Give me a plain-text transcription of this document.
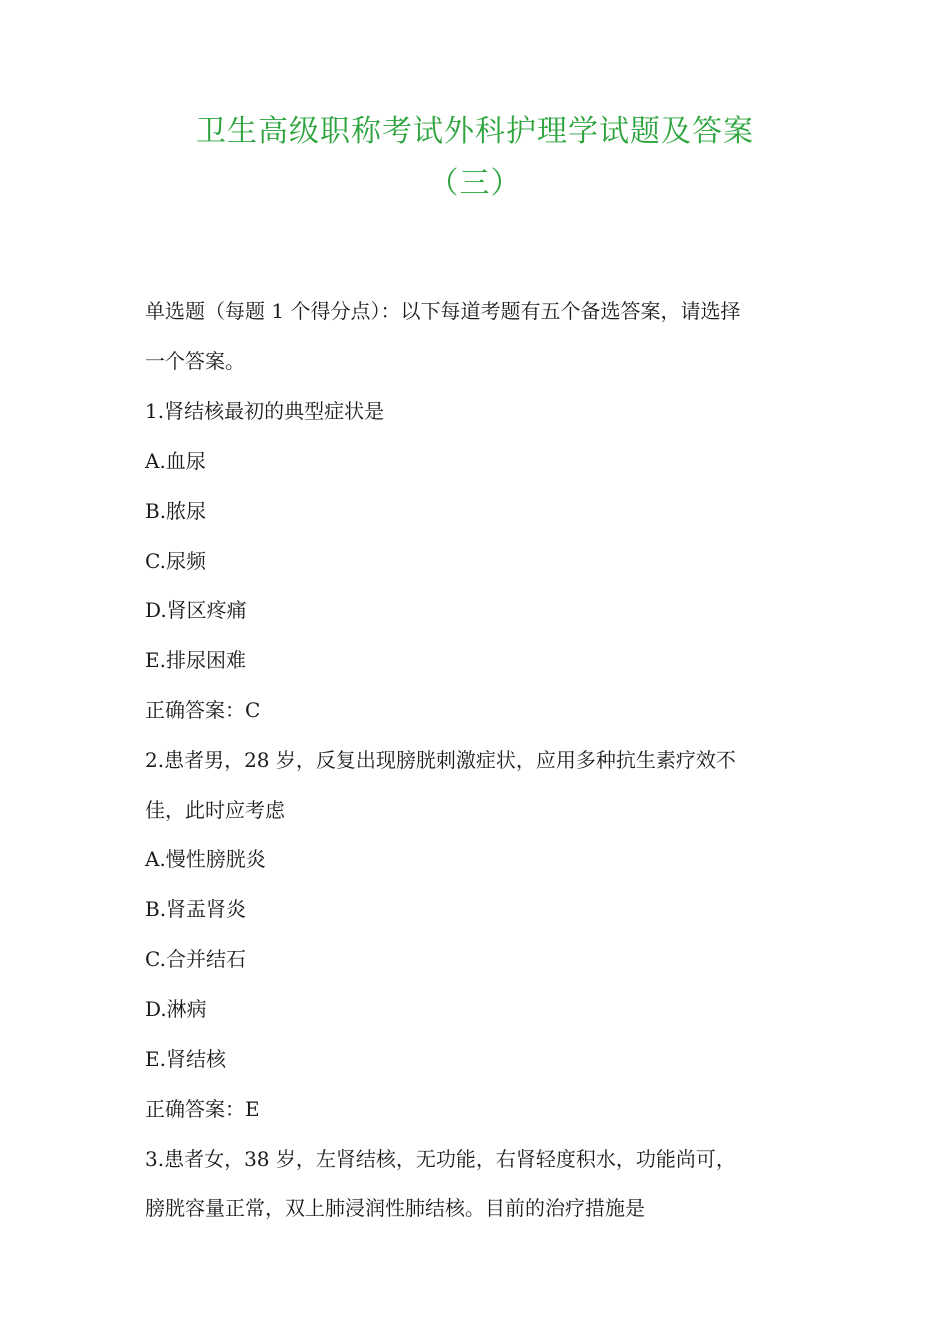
卫生高级职称考试外科护理学试题及答案
（三）
单选题（每题 1 个得分点）：以下每道考题有五个备选答案，请选择
一个答案。
1.肾结核最初的典型症状是
A.血尿
B.脓尿
C.尿频
D.肾区疼痛
E.排尿困难
正确答案：C
2.患者男，28 岁，反复出现膀胱刺激症状，应用多种抗生素疗效不
佳，此时应考虑
A.慢性膀胱炎
B.肾盂肾炎
C.合并结石
D.淋病
E.肾结核
正确答案：E
3.患者女，38 岁，左肾结核，无功能，右肾轻度积水，功能尚可，
膀胱容量正常，双上肺浸润性肺结核。目前的治疗措施是
